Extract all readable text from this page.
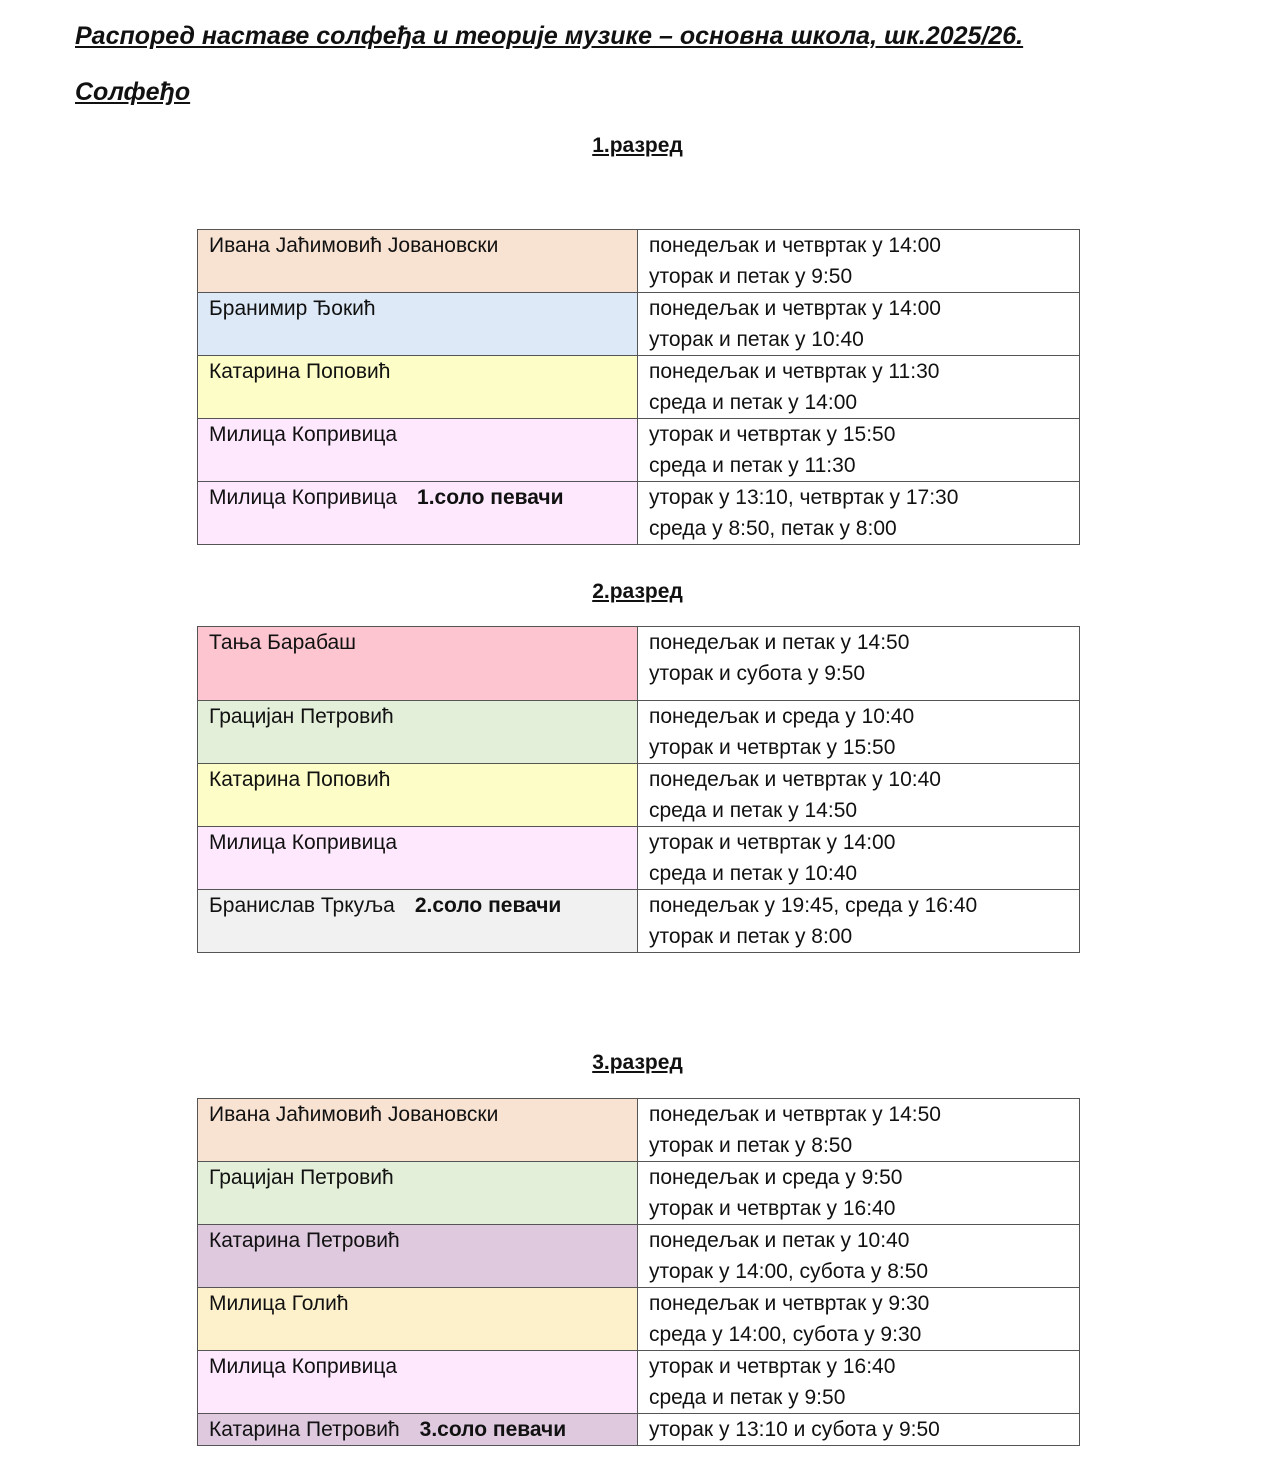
Распоред наставе солфеђа и теорије музике – основна школа, шк.2025/26.
Солфеђо
1.разред
Ивана Јаћимовић Јовановски	понедељак и четвртак у 14:00
уторак и петак у 9:50

Бранимир Ђокић	понедељак и четвртак у 14:00
уторак и петак у 10:40

Катарина Поповић	понедељак и четвртак у 11:30
среда и петак у 14:00

Милица Копривица	уторак и четвртак у 15:50
среда и петак у 11:30

Милица Копривица 1.соло певачи	уторак у 13:10, четвртак у 17:30
среда у 8:50, петак у 8:00
2.разред
Тања Барабаш	понедељак и петак у 14:50
уторак и субота у 9:50

Грацијан Петровић	понедељак и среда у 10:40
уторак и четвртак у 15:50

Катарина Поповић	понедељак и четвртак у 10:40
среда и петак у 14:50

Милица Копривица	уторак и четвртак у 14:00
среда и петак у 10:40

Бранислав Тркуља 2.соло певачи	понедељак у 19:45, среда у 16:40
уторак и петак у 8:00
3.разред
Ивана Јаћимовић Јовановски	понедељак и четвртак у 14:50
уторак и петак у 8:50

Грацијан Петровић	понедељак и среда у 9:50
уторак и четвртак у 16:40

Катарина Петровић	понедељак и петак у 10:40
уторак у 14:00, субота у 8:50

Милица Голић	понедељак и четвртак у 9:30
среда у 14:00, субота у 9:30

Милица Копривица	уторак и четвртак у 16:40
среда и петак у 9:50

Катарина Петровић 3.соло певачи	уторак у 13:10 и субота у 9:50
